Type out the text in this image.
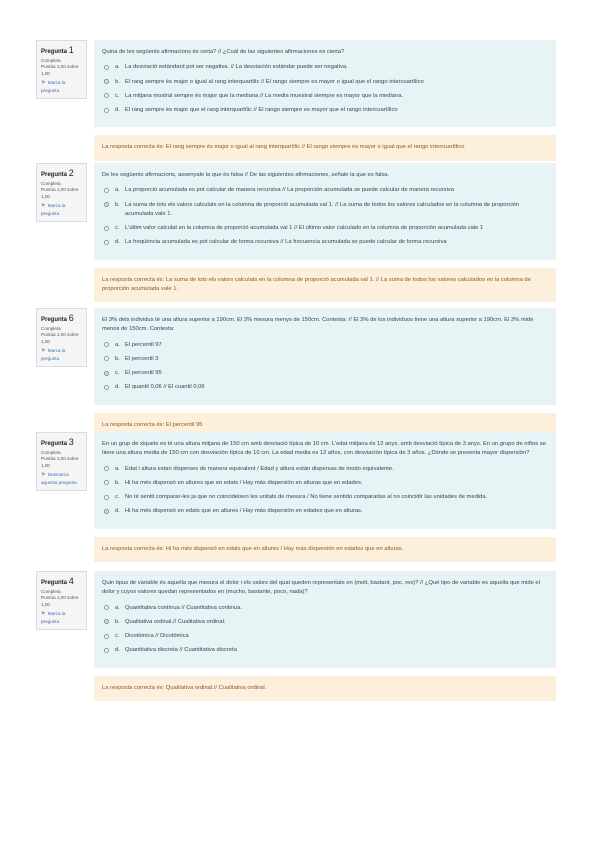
Pregunta 1
Completa
Puntúa 1,00 sobre 1,00
⚑ Marca la pregunta
Quina de les següents afirmacions és certa? // ¿Cuál de las siguientes afirmaciones es cierta?
a. La desviació estàndard pot ser negativa. // La desviación estándar puede ser negativa.
b. El rang sempre és major o igual al rang interquartílic // El rango siempre es mayor o igual que el rango intercuartílico
c. La mitjana mostral sempre és major que la mediana // La media muestral siempre es mayor que la mediana.
d. El rang sempre és major que el rang interquartílic // El rango siempre es mayor que el rango intercuartílico
La resposta correcta és: El rang sempre és major o igual al rang interquartílic // El rango siempre es mayor o igual que el rango intercuartílico
Pregunta 2
Completa
Puntúa 1,00 sobre 1,00
⚑ Marca la pregunta
De les següents afirmacions, assenyale la que és falsa // De las siguientes afirmaciones, señale la que es falsa.
a. La proporció acumulada es pot calcular de manera recursiva // La proporción acumulada se puede calcular de manera recursiva
b. La suma de tots els valors calculats en la columna de proporció acumulada val 1. // La suma de todos los valores calculados en la columna de proporción acumulada vale 1.
c. L'últim valor calculat en la columna de proporció acumulada val 1 // El último valor calculado en la columna de proporción acumulada vale 1
d. La freqüència acumulada es pot calcular de forma recursiva // La frecuencia acumulada se puede calcular de forma recursiva
La resposta correcta és: La suma de tots els valors calculats en la columna de proporció acumulada val 1. // La suma de todos los valores calculados en la columna de proporción acumulada vale 1.
Pregunta 6
Completa
Puntúa 1,00 sobre 1,00
⚑ Marca la pregunta
El 3% dels individus té una altura superior a 190cm. El 3% mesura menys de 150cm. Contesta: // El 3% de los individuos tiene una altura superior a 190cm. El 3% mide menos de 150cm. Contesta:
a. El percentil 97
b. El percentil 3
c. El percentil 95
d. El quantil 0,06 // El cuantil 0,06
La resposta correcta és: El percentil 95
Pregunta 3
Completa
Puntúa 1,00 sobre 1,00
⚑ Desmarca aquesta pregunta
En un grup de xiquets es té una altura mitjana de 150 cm amb desviació típica de 10 cm. L'edat mitjana és 12 anys, amb desviació típica de 3 anys. En un grupo de niños se tiene una altura media de 150 cm con desviación típica de 10 cm. La edad media es 12 años, con desviación típica de 3 años. ¿Dónde se presenta mayor dispersión?
a. Edat i altura estan disperses de manera equivalent / Edad y altura están dispersas de modo equivalente.
b. Hi ha més dispersió en altures que en edats / Hay más dispersión en alturas que en edades.
c. No té sentit comparar-les ja que no coincideixen les unitats de mesura / No tiene sentido compararlas al no coincidir las unidades de medida.
d. Hi ha més dispersió en edats que en altures / Hay más dispersión en edades que en alturas.
La resposta correcta és: Hi ha més dispersió en edats que en altures / Hay más dispersión en edades que en alturas.
Pregunta 4
Completa
Puntúa 1,00 sobre 1,00
⚑ Marca la pregunta
Quin tipus de variable és aquella que mesura el dolor i els valors del qual queden representats en (molt, bastant, poc, res)? // ¿Qué tipo de variable es aquella que mide el dolor y cuyos valores quedan representados en (mucho, bastante, poco, nada)?
a. Quantitativa contínua // Cuantitativa continua.
b. Qualitativa ordinal.// Cualitativa ordinal.
c. Dicotòmica // Dicotómica
d. Quantitativa discreta // Cuantitativa discreta
La resposta correcta és: Qualitativa ordinal.// Cualitativa ordinal.
